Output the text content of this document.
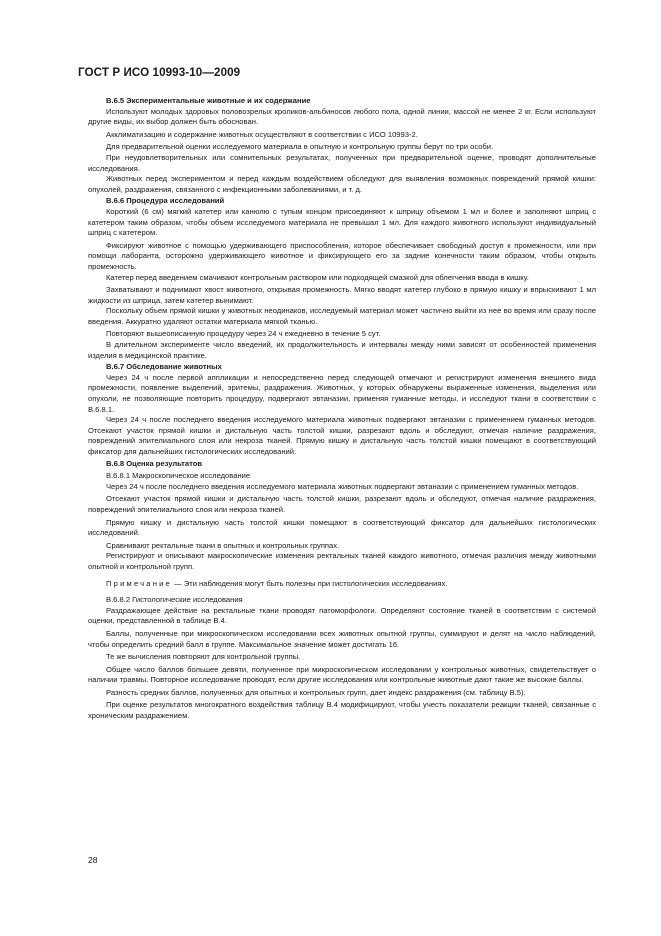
ГОСТ Р ИСО 10993-10—2009

В.6.5 Экспериментальные животные и их содержание

Используют молодых здоровых половозрелых кроликов-альбиносов любого пола, одной линии, массой не менее 2 кг. Если используют другие виды, их выбор должен быть обоснован.

Акклиматизацию и содержание животных осуществляют в соответствии с ИСО 10993-2.

Для предварительной оценки исследуемого материала в опытную и контрольную группы берут по три особи.

При неудовлетворительных или сомнительных результатах, полученных при предварительной оценке, проводят дополнительные исследования.

Животных перед экспериментом и перед каждым воздействием обследуют для выявления возможных повреждений прямой кишки: опухолей, раздражения, связанного с инфекционными заболеваниями, и т. д.

В.6.6 Процедура исследований

Короткий (6 см) мягкий катетер или канюлю с тупым концом присоединяют к шприцу объемом 1 мл и более и заполняют шприц с катетером таким образом, чтобы объем исследуемого материала не превышал 1 мл. Для каждого животного используют индивидуальный шприц с катетером.

Фиксируют животное с помощью удерживающего приспособления, которое обеспечивает свободный доступ к промежности, или при помощи лаборанта, осторожно удерживающего животное и фиксирующего его за задние конечности таким образом, чтобы открыть промежность.

Катетер перед введением смачивают контрольным раствором или подходящей смазкой для облегчения ввода в кишку.

Захватывают и поднимают хвост животного, открывая промежность. Мягко вводят катетер глубоко в прямую кишку и впрыскивают 1 мл жидкости из шприца, затем катетер вынимают.

Поскольку объем прямой кишки у животных неодинаков, исследуемый материал может частично выйти из нее во время или сразу после введения. Аккуратно удаляют остатки материала мягкой тканью.

Повторяют вышеописанную процедуру через 24 ч ежедневно в течение 5 сут.

В длительном эксперименте число введений, их продолжительность и интервалы между ними зависят от особенностей применения изделия в медицинской практике.

В.6.7 Обследование животных

Через 24 ч после первой аппликации и непосредственно перед следующей отмечают и регистрируют изменения внешнего вида промежности, появление выделений, эритемы, раздражения. Животных, у которых обнаружены выраженные изменения, выделения или опухоли, не позволяющие повторить процедуру, подвергают эвтаназии, применяя гуманные методы, и исследуют ткани в соответствии с В.6.8.1.

Через 24 ч после последнего введения исследуемого материала животных подвергают эвтаназии с применением гуманных методов. Отсекают участок прямой кишки и дистальную часть толстой кишки, разрезают вдоль и обследуют, отмечая наличие раздражения, повреждений эпителиального слоя или некроза тканей. Прямую кишку и дистальную часть толстой кишки помещают в соответствующий фиксатор для дальнейших гистологических исследований.

В.6.8 Оценка результатов

В.6.8.1 Макроскопическое исследование

Через 24 ч после последнего введения исследуемого материала животных подвергают эвтаназии с применением гуманных методов.

Отсекают участок прямой кишки и дистальную часть толстой кишки, разрезают вдоль и обследуют, отмечая наличие раздражения, повреждений эпителиального слоя или некроза тканей.

Прямую кишку и дистальную часть толстой кишки помещают в соответствующий фиксатор для дальнейших гистологических исследований.

Сравнивают ректальные ткани в опытных и контрольных группах.

Регистрируют и описывают макроскопические изменения ректальных тканей каждого животного, отмечая различия между животными опытной и контрольной групп.

Примечание — Эти наблюдения могут быть полезны при гистологических исследованиях.

В.6.8.2 Гистологические исследования

Раздражающее действие на ректальные ткани проводят патоморфологи. Определяют состояние тканей в соответствии с системой оценки, представленной в таблице В.4.

Баллы, полученные при микроскопическом исследовании всех животных опытной группы, суммируют и делят на число наблюдений, чтобы определить средний балл в группе. Максимальное значение может достигать 16.

Те же вычисления повторяют для контрольной группы.

Общее число баллов большее девяти, полученное при микроскопическом исследовании у контрольных животных, свидетельствует о наличии травмы. Повторное исследование проводят, если другие исследования или контрольные животные дают такие же высокие баллы.

Разность средних баллов, полученных для опытных и контрольных групп, дает индекс раздражения (см. таблицу В.5).

При оценке результатов многократного воздействия таблицу В.4 модифицируют, чтобы учесть показатели реакции тканей, связанные с хроническим раздражением.

28
